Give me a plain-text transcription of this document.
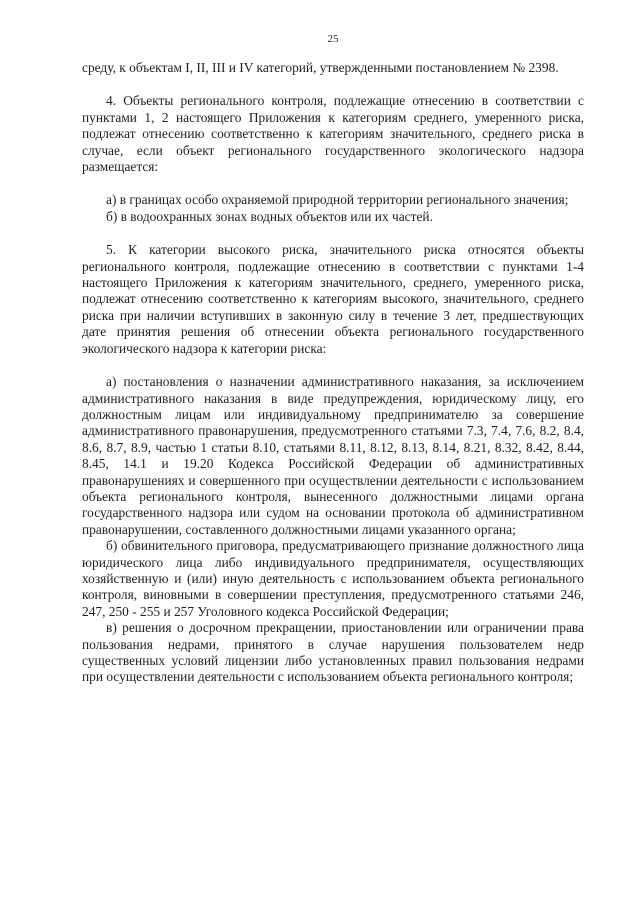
25

среду, к объектам I, II, III и IV категорий, утвержденными постановлением № 2398.

4. Объекты регионального контроля, подлежащие отнесению в соответствии с пунктами 1, 2 настоящего Приложения к категориям среднего, умеренного риска, подлежат отнесению соответственно к категориям значительного, среднего риска в случае, если объект регионального государственного экологического надзора размещается:

а) в границах особо охраняемой природной территории регионального значения;

б) в водоохранных зонах водных объектов или их частей.

5. К категории высокого риска, значительного риска относятся объекты регионального контроля, подлежащие отнесению в соответствии с пунктами 1-4 настоящего Приложения к категориям значительного, среднего, умеренного риска, подлежат отнесению соответственно к категориям высокого, значительного, среднего риска при наличии вступивших в законную силу в течение 3 лет, предшествующих дате принятия решения об отнесении объекта регионального государственного экологического надзора к категории риска:

а) постановления о назначении административного наказания, за исключением административного наказания в виде предупреждения, юридическому лицу, его должностным лицам или индивидуальному предпринимателю за совершение административного правонарушения, предусмотренного статьями 7.3, 7.4, 7.6, 8.2, 8.4, 8.6, 8.7, 8.9, частью 1 статьи 8.10, статьями 8.11, 8.12, 8.13, 8.14, 8.21, 8.32, 8.42, 8.44, 8.45, 14.1 и 19.20 Кодекса Российской Федерации об административных правонарушениях и совершенного при осуществлении деятельности с использованием объекта регионального контроля, вынесенного должностными лицами органа государственного надзора или судом на основании протокола об административном правонарушении, составленного должностными лицами указанного органа;

б) обвинительного приговора, предусматривающего признание должностного лица юридического лица либо индивидуального предпринимателя, осуществляющих хозяйственную и (или) иную деятельность с использованием объекта регионального контроля, виновными в совершении преступления, предусмотренного статьями 246, 247, 250 - 255 и 257 Уголовного кодекса Российской Федерации;

в) решения о досрочном прекращении, приостановлении или ограничении права пользования недрами, принятого в случае нарушения пользователем недр существенных условий лицензии либо установленных правил пользования недрами при осуществлении деятельности с использованием объекта регионального контроля;
